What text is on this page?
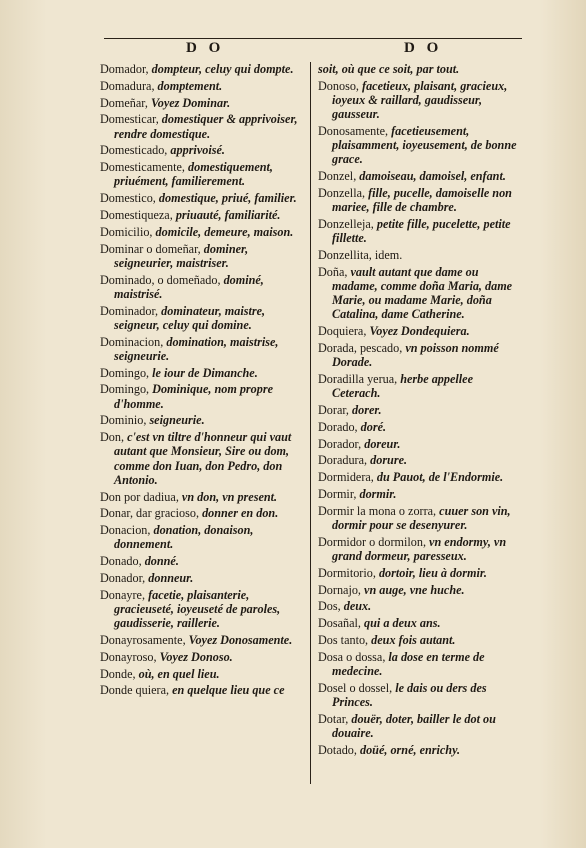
D O	D O
Domador, dompteur, celuy qui dompte.
Domadura, domptement.
Domeñar, Voyez Dominar.
Domesticar, domestiquer & apprivoiser, rendre domestique.
Domesticado, apprivoisé.
Domesticamente, domestiquement, priuément, familierement.
Domestico, domestique, priué, familier.
Domestiqueza, priuauté, familiarité.
Domicilio, domicile, demeure, maison.
Dominar o domeñar, dominer, seigneurier, maistriser.
Dominado, o domeñado, dominé, maistrisé.
Dominador, dominateur, maistre, seigneur, celuy qui domine.
Dominacion, domination, maistrise, seigneurie.
Domingo, le iour de Dimanche.
Domingo, Dominique, nom propre d'homme.
Dominio, seigneurie.
Don, c'est vn tiltre d'honneur qui vaut autant que Monsieur, Sire ou dom, comme don Iuan, don Pedro, don Antonio.
Don por dadiua, vn don, vn present.
Donar, dar gracioso, donner en don.
Donacion, donation, donaison, donnement.
Donado, donné.
Donador, donneur.
Donayre, facetie, plaisanterie, gracieuseté, ioyeuseté de paroles, gaudisserie, raillerie.
Donayrosamente, Voyez Donosamente.
Donayroso, Voyez Donoso.
Donde, où, en quel lieu.
Donde quiera, en quelque lieu que ce
soit, où que ce soit, par tout.
Donoso, facetieux, plaisant, gracieux, ioyeux & raillard, gaudisseur, gausseur.
Donosamente, facetieusement, plaisamment, ioyeusement, de bonne grace.
Donzel, damoiseau, damoisel, enfant.
Donzella, fille, pucelle, damoiselle non mariee, fille de chambre.
Donzelleja, petite fille, pucelette, petite fillette.
Donzellita, idem.
Doña, vault autant que dame ou madame, comme doña Maria, dame Marie, ou madame Marie, doña Catalina, dame Catherine.
Doquiera, Voyez Dondequiera.
Dorada, pescado, vn poisson nommé Dorade.
Doradilla yerua, herbe appellee Ceterach.
Dorar, dorer.
Dorado, doré.
Dorador, doreur.
Doradura, dorure.
Dormidera, du Pauot, de l'Endormie.
Dormir, dormir.
Dormir la mona o zorra, cuuer son vin, dormir pour se desenyurer.
Dormidor o dormilon, vn endormy, vn grand dormeur, paresseux.
Dormitorio, dortoir, lieu à dormir.
Dornajo, vn auge, vne huche.
Dos, deux.
Dosañal, qui a deux ans.
Dos tanto, deux fois autant.
Dosa o dossa, la dose en terme de medecine.
Dosel o dossel, le dais ou ders des Princes.
Dotar, douër, doter, bailler le dot ou douaire.
Dotado, doüé, orné, enrichy.
